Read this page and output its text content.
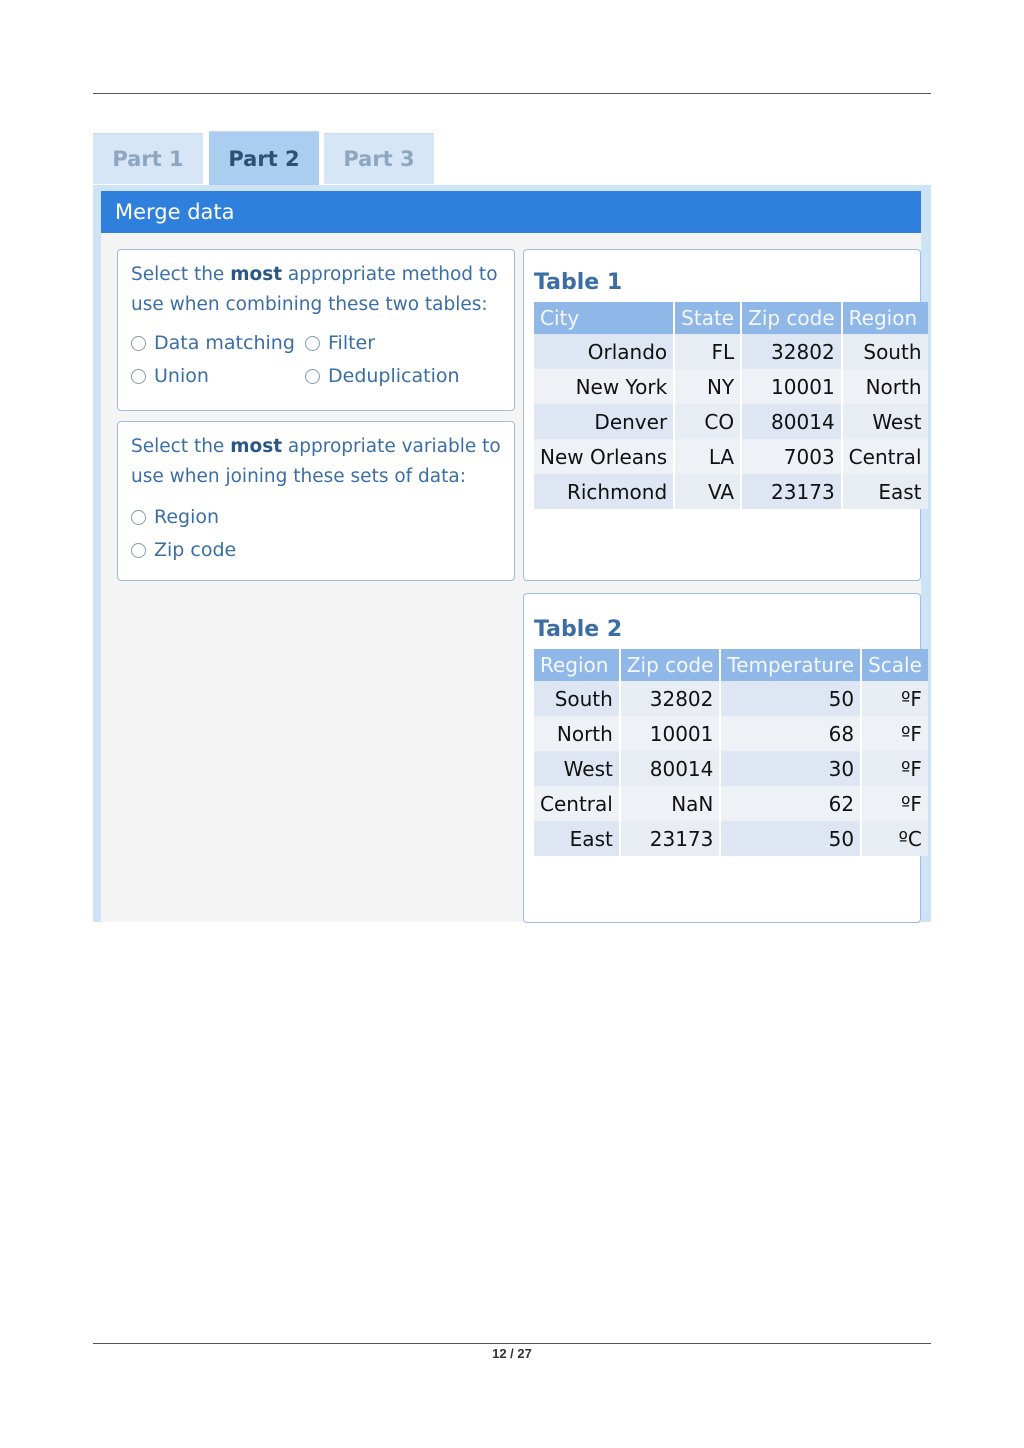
Part 1	Part 2	Part 3
Merge data
Select the most appropriate method to use when combining these two tables:
Data matching Filter
Union	Deduplication
Select the most appropriate variable to use when joining these sets of data:
Region
Zip code
Table 1
City	State	Zip code	Region
Orlando	FL	32802	South
New York	NY	10001	North
Denver	CO	80014	West
New Orleans	LA	7003	Central
Richmond	VA	23173	East
Table 2
Region	Zip code	Temperature	Scale
South	32802	50	ºF
North	10001	68	ºF
West	80014	30	ºF
Central	NaN	62	ºF
East	23173	50	ºC
12 / 27
